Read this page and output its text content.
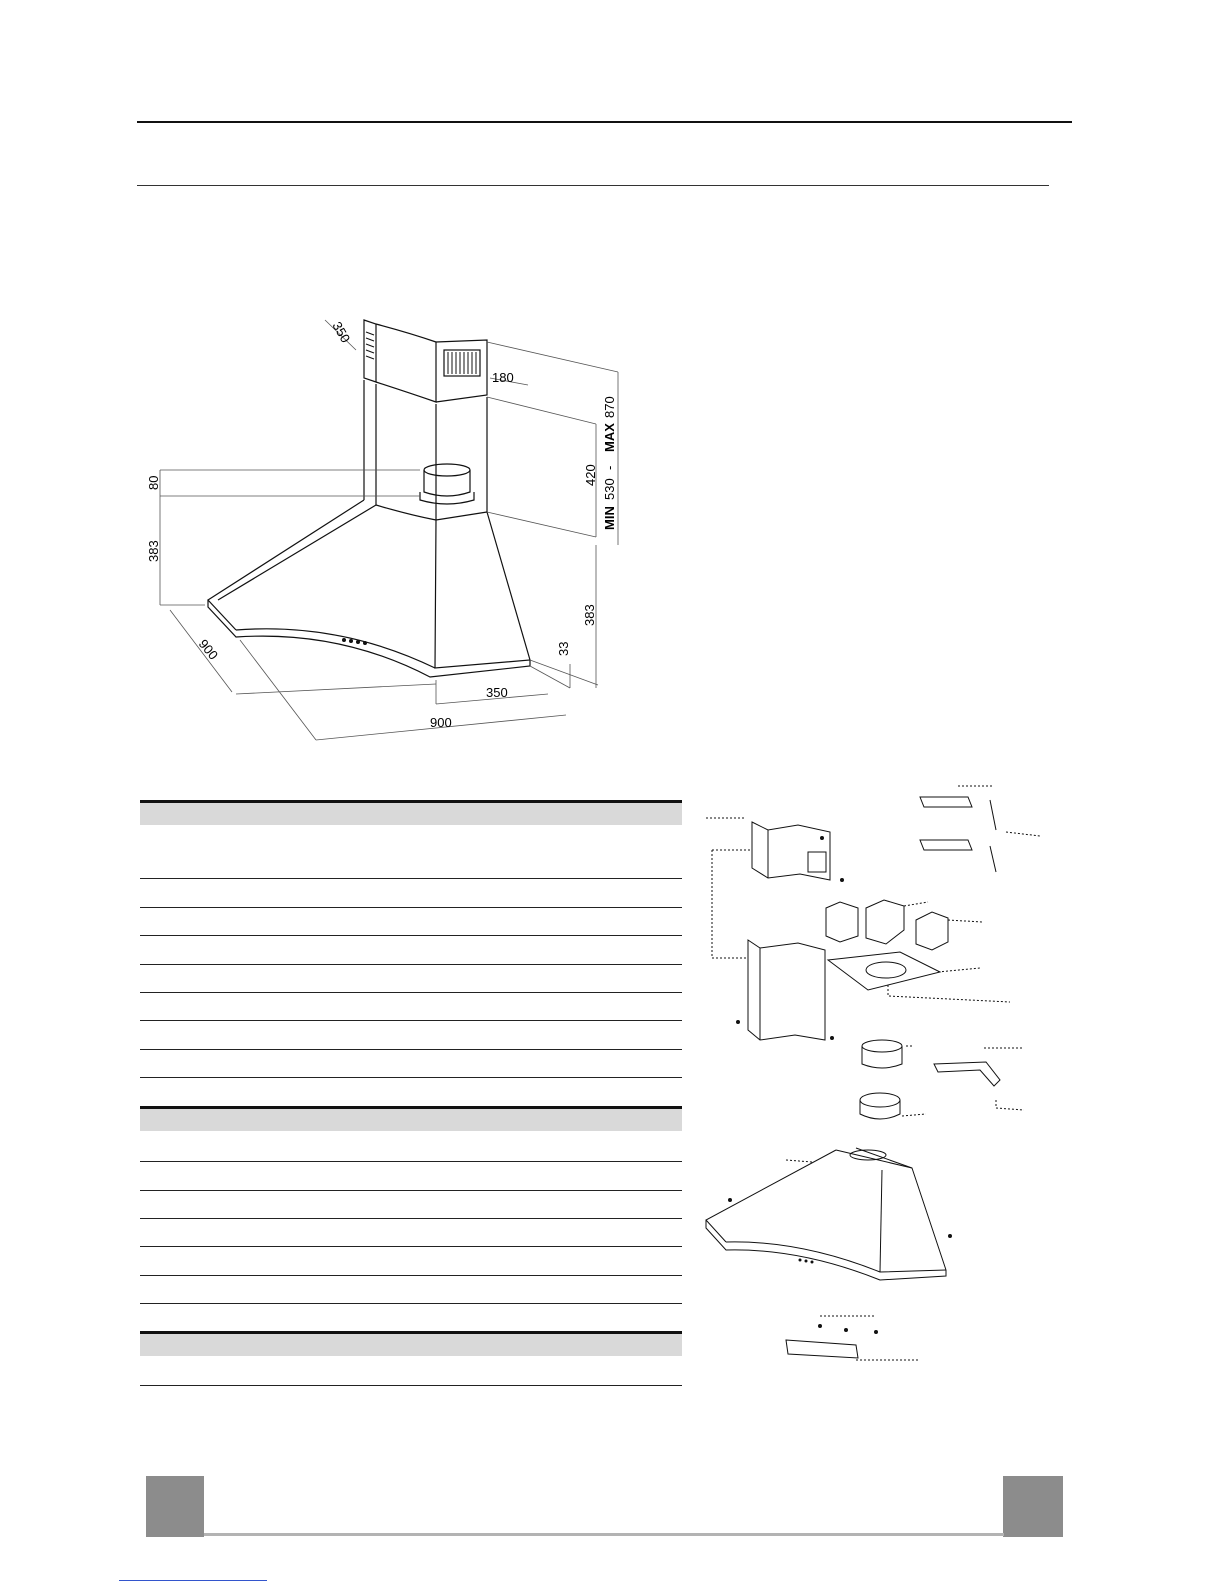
420
MIN
530
-
MAX
870
80
383
383
33
350
180
900
900
350
